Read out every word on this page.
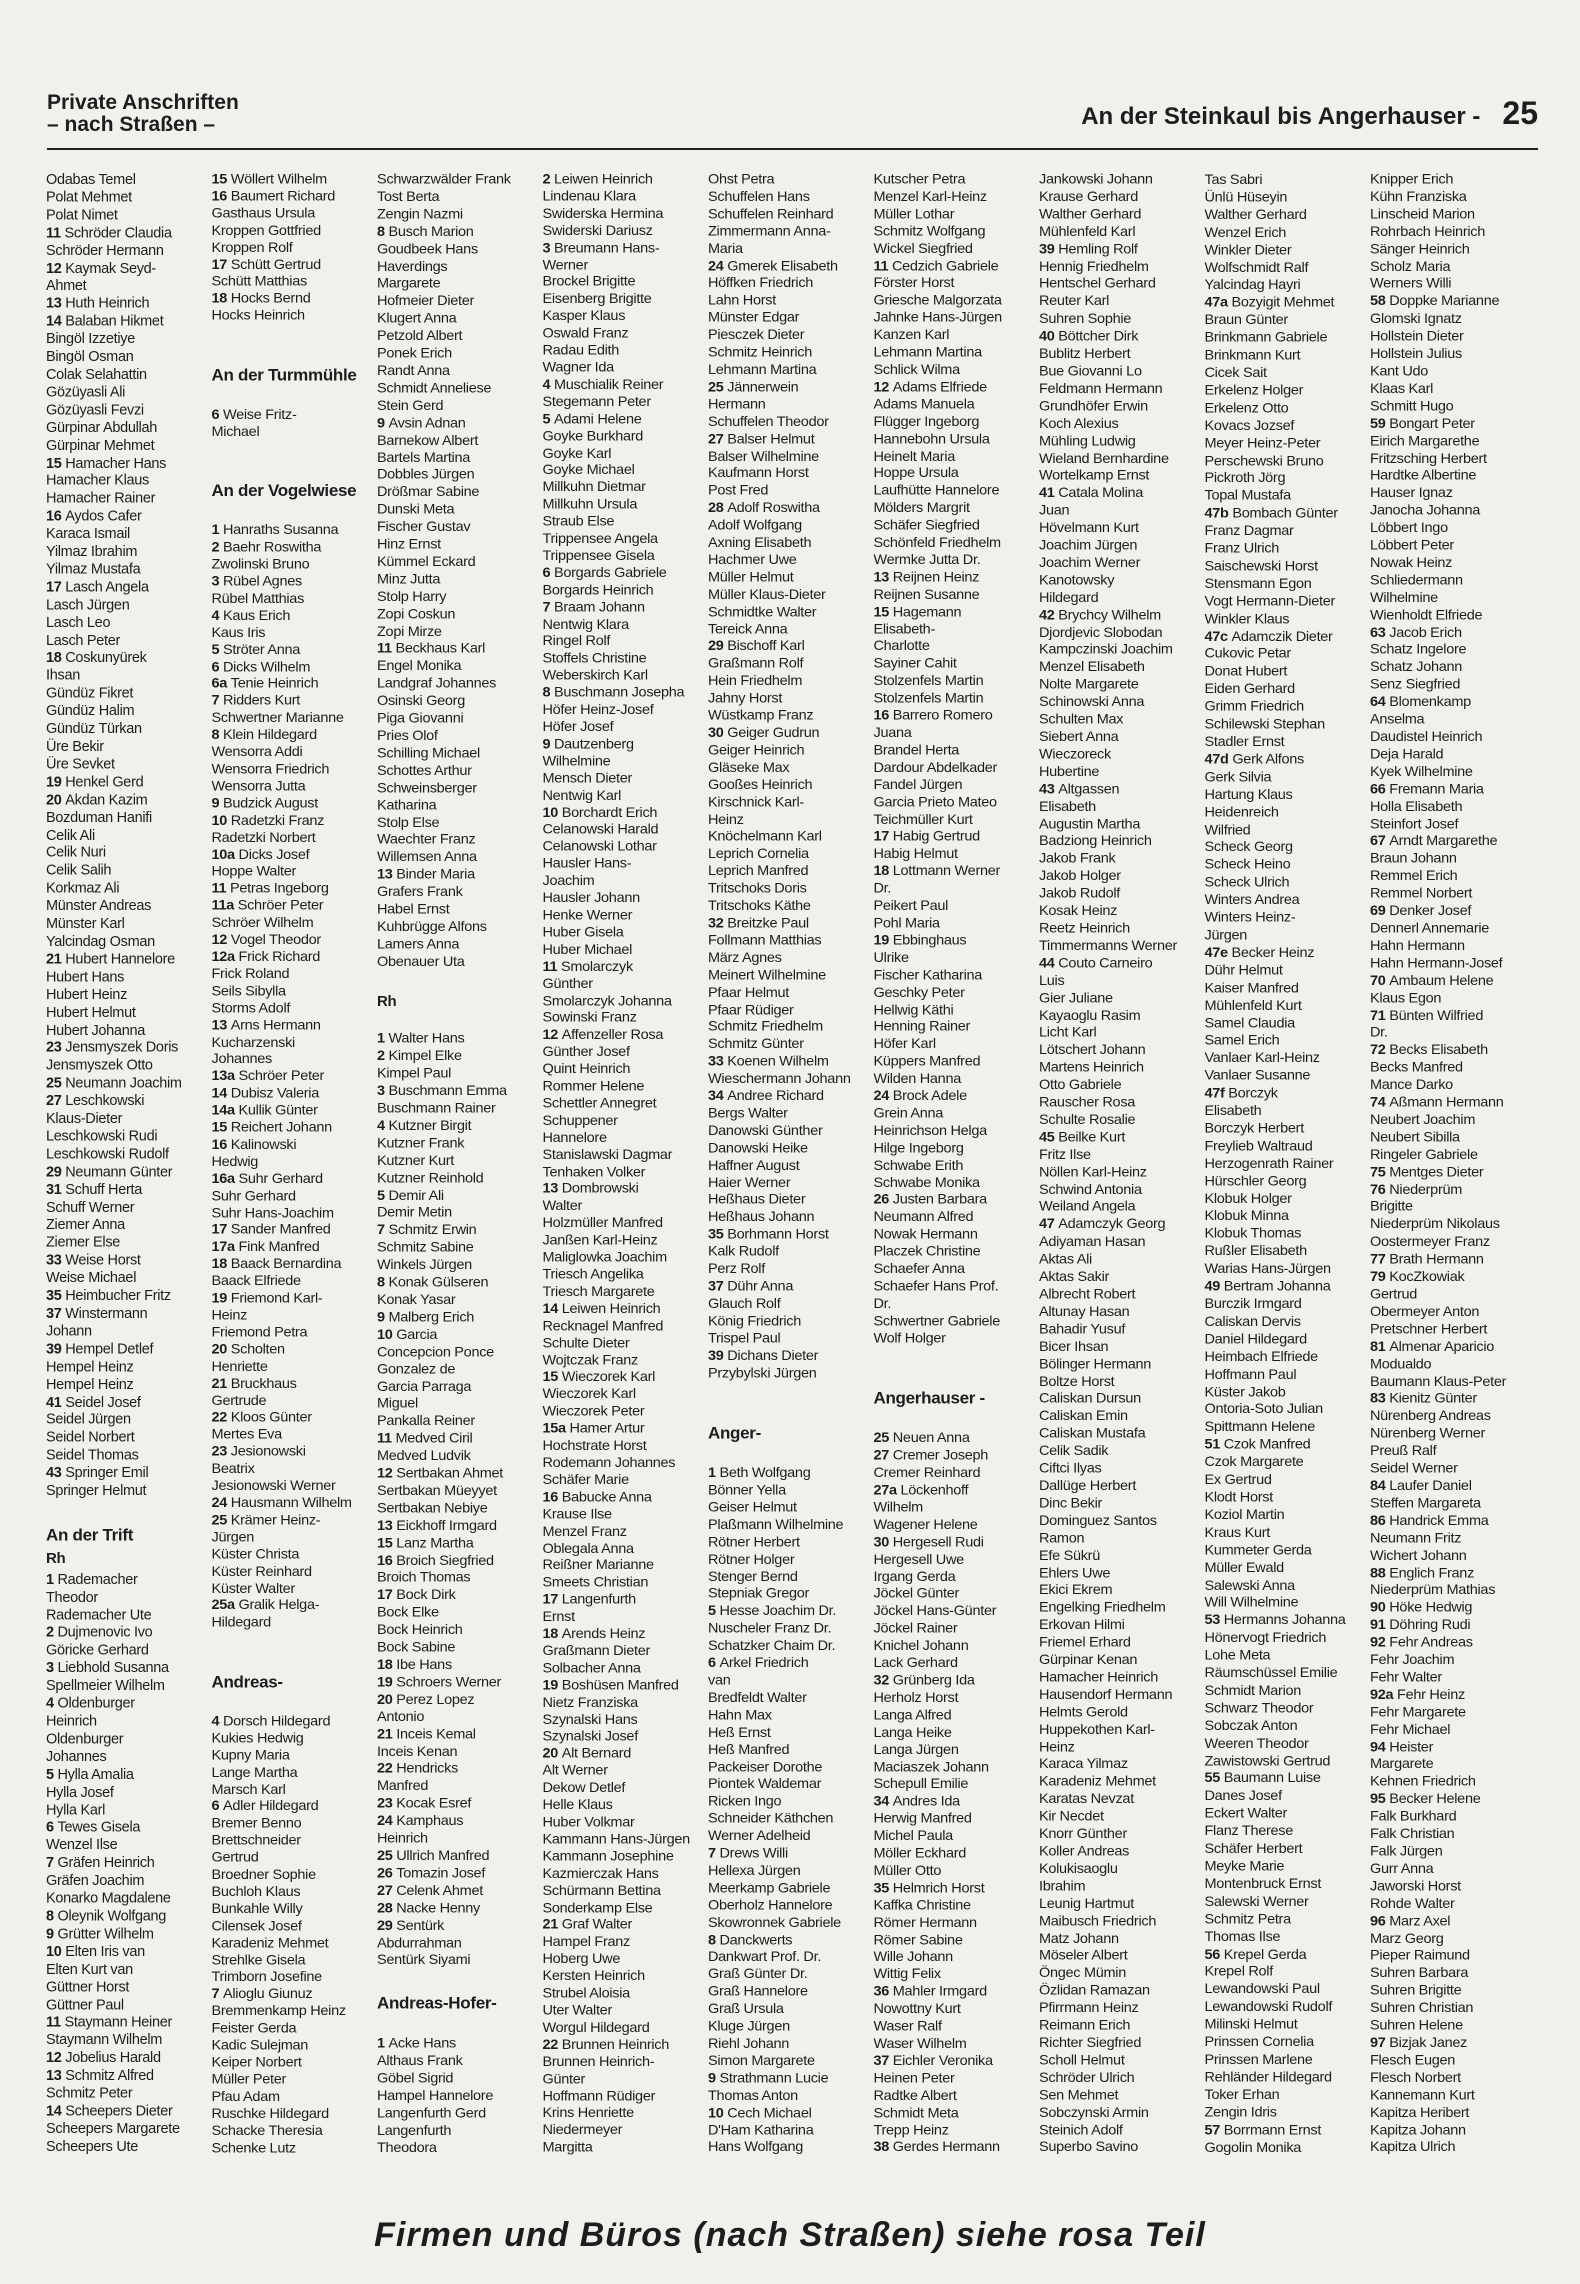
Private Anschriften
– nach Straßen –	An der Steinkaul bis Angerhauser - 25
Odabas Temel
Polat Mehmet
Polat Nimet
11 Schröder Claudia
Schröder Hermann
12 Kaymak Seyd-
Ahmet
13 Huth Heinrich
14 Balaban Hikmet
Bingöl Izzetiye
Bingöl Osman
Colak Selahattin
Gözüyasli Ali
Gözüyasli Fevzi
Gürpinar Abdullah
Gürpinar Mehmet
15 Hamacher Hans
Hamacher Klaus
Hamacher Rainer
16 Aydos Cafer
Karaca Ismail
Yilmaz Ibrahim
Yilmaz Mustafa
17 Lasch Angela
Lasch Jürgen
Lasch Leo
Lasch Peter
18 Coskunyürek
Ihsan
Gündüz Fikret
Gündüz Halim
Gündüz Türkan
Üre Bekir
Üre Sevket
19 Henkel Gerd
20 Akdan Kazim
Bozduman Hanifi
Celik Ali
Celik Nuri
Celik Salih
Korkmaz Ali
Münster Andreas
Münster Karl
Yalcindag Osman
21 Hubert Hannelore
Hubert Hans
Hubert Heinz
Hubert Helmut
Hubert Johanna
23 Jensmyszek Doris
Jensmyszek Otto
25 Neumann Joachim
27 Leschkowski
Klaus-Dieter
Leschkowski Rudi
Leschkowski Rudolf
29 Neumann Günter
31 Schuff Herta
Schuff Werner
Ziemer Anna
Ziemer Else
33 Weise Horst
Weise Michael
35 Heimbucher Fritz
37 Winstermann
Johann
39 Hempel Detlef
Hempel Heinz
Hempel Heinz
41 Seidel Josef
Seidel Jürgen
Seidel Norbert
Seidel Thomas
43 Springer Emil
Springer Helmut
An der Trift
Rh
1 Rademacher
Theodor
Rademacher Ute
2 Dujmenovic Ivo
Göricke Gerhard
3 Liebhold Susanna
Spellmeier Wilhelm
4 Oldenburger
Heinrich
Oldenburger
Johannes
5 Hylla Amalia
Hylla Josef
Hylla Karl
6 Tewes Gisela
Wenzel Ilse
7 Gräfen Heinrich
Gräfen Joachim
Konarko Magdalene
8 Oleynik Wolfgang
9 Grütter Wilhelm
10 Elten Iris van
Elten Kurt van
Güttner Horst
Güttner Paul
11 Staymann Heiner
Staymann Wilhelm
12 Jobelius Harald
13 Schmitz Alfred
Schmitz Peter
14 Scheepers Dieter
Scheepers Margarete
Scheepers Ute
15 Wöllert Wilhelm
16 Baumert Richard
Gasthaus Ursula
Kroppen Gottfried
Kroppen Rolf
17 Schütt Gertrud
Schütt Matthias
18 Hocks Bernd
Hocks Heinrich
An der Turmmühle
6 Weise Fritz-
Michael
An der Vogelwiese
1 Hanraths Susanna
2 Baehr Roswitha
Zwolinski Bruno
3 Rübel Agnes
Rübel Matthias
4 Kaus Erich
Kaus Iris
5 Ströter Anna
6 Dicks Wilhelm
6a Tenie Heinrich
7 Ridders Kurt
Schwertner Marianne
8 Klein Hildegard
Wensorra Addi
Wensorra Friedrich
Wensorra Jutta
9 Budzick August
10 Radetzki Franz
Radetzki Norbert
10a Dicks Josef
Hoppe Walter
11 Petras Ingeborg
11a Schröer Peter
Schröer Wilhelm
12 Vogel Theodor
12a Frick Richard
Frick Roland
Seils Sibylla
Storms Adolf
13 Arns Hermann
Kucharzenski
Johannes
13a Schröer Peter
14 Dubisz Valeria
14a Kullik Günter
15 Reichert Johann
16 Kalinowski
Hedwig
16a Suhr Gerhard
Suhr Gerhard
Suhr Hans-Joachim
17 Sander Manfred
17a Fink Manfred
18 Baack Bernardina
Baack Elfriede
19 Friemond Karl-
Heinz
Friemond Petra
20 Scholten
Henriette
21 Bruckhaus
Gertrude
22 Kloos Günter
Mertes Eva
23 Jesionowski
Beatrix
Jesionowski Werner
24 Hausmann Wilhelm
25 Krämer Heinz-
Jürgen
Küster Christa
Küster Reinhard
Küster Walter
25a Gralik Helga-
Hildegard
Andreas-
4 Dorsch Hildegard
Kukies Hedwig
Kupny Maria
Lange Martha
Marsch Karl
6 Adler Hildegard
Bremer Benno
Brettschneider
Gertrud
Broedner Sophie
Buchloh Klaus
Bunkahle Willy
Cilensek Josef
Karadeniz Mehmet
Strehlke Gisela
Trimborn Josefine
7 Alioglu Giunuz
Bremmenkamp Heinz
Feister Gerda
Kadic Sulejman
Keiper Norbert
Müller Peter
Pfau Adam
Ruschke Hildegard
Schacke Theresia
Schenke Lutz
Schwarzwälder Frank
Tost Berta
Zengin Nazmi
8 Busch Marion
Goudbeek Hans
Haverdings
Margarete
Hofmeier Dieter
Klugert Anna
Petzold Albert
Ponek Erich
Randt Anna
Schmidt Anneliese
Stein Gerd
9 Avsin Adnan
Barnekow Albert
Bartels Martina
Dobbles Jürgen
Drößmar Sabine
Dunski Meta
Fischer Gustav
Hinz Ernst
Kümmel Eckard
Minz Jutta
Stolp Harry
Zopi Coskun
Zopi Mirze
11 Beckhaus Karl
Engel Monika
Landgraf Johannes
Osinski Georg
Piga Giovanni
Pries Olof
Schilling Michael
Schottes Arthur
Schweinsberger
Katharina
Stolp Else
Waechter Franz
Willemsen Anna
13 Binder Maria
Grafers Frank
Habel Ernst
Kuhbrügge Alfons
Lamers Anna
Obenauer Uta
Rh
1 Walter Hans
2 Kimpel Elke
Kimpel Paul
3 Buschmann Emma
Buschmann Rainer
4 Kutzner Birgit
Kutzner Frank
Kutzner Kurt
Kutzner Reinhold
5 Demir Ali
Demir Metin
7 Schmitz Erwin
Schmitz Sabine
Winkels Jürgen
8 Konak Gülseren
Konak Yasar
9 Malberg Erich
10 Garcia
Concepcion Ponce
Gonzalez de
Garcia Parraga
Miguel
Pankalla Reiner
11 Medved Ciril
Medved Ludvik
12 Sertbakan Ahmet
Sertbakan Müeyyet
Sertbakan Nebiye
13 Eickhoff Irmgard
15 Lanz Martha
16 Broich Siegfried
Broich Thomas
17 Bock Dirk
Bock Elke
Bock Heinrich
Bock Sabine
18 Ibe Hans
19 Schroers Werner
20 Perez Lopez
Antonio
21 Inceis Kemal
Inceis Kenan
22 Hendricks
Manfred
23 Kocak Esref
24 Kamphaus
Heinrich
25 Ullrich Manfred
26 Tomazin Josef
27 Celenk Ahmet
28 Nacke Henny
29 Sentürk
Abdurrahman
Sentürk Siyami
Andreas-Hofer-
1 Acke Hans
Althaus Frank
Göbel Sigrid
Hampel Hannelore
Langenfurth Gerd
Langenfurth
Theodora
2 Leiwen Heinrich
Lindenau Klara
Swiderska Hermina
Swiderski Dariusz
3 Breumann Hans-
Werner
Brockel Brigitte
Eisenberg Brigitte
Kasper Klaus
Oswald Franz
Radau Edith
Wagner Ida
4 Muschialik Reiner
Stegemann Peter
5 Adami Helene
Goyke Burkhard
Goyke Karl
Goyke Michael
Millkuhn Dietmar
Millkuhn Ursula
Straub Else
Trippensee Angela
Trippensee Gisela
6 Borgards Gabriele
Borgards Heinrich
7 Braam Johann
Nentwig Klara
Ringel Rolf
Stoffels Christine
Weberskirch Karl
8 Buschmann Josepha
Höfer Heinz-Josef
Höfer Josef
9 Dautzenberg
Wilhelmine
Mensch Dieter
Nentwig Karl
10 Borchardt Erich
Celanowski Harald
Celanowski Lothar
Hausler Hans-
Joachim
Hausler Johann
Henke Werner
Huber Gisela
Huber Michael
11 Smolarczyk
Günther
Smolarczyk Johanna
Sowinski Franz
12 Affenzeller Rosa
Günther Josef
Quint Heinrich
Rommer Helene
Schettler Annegret
Schuppener
Hannelore
Stanislawski Dagmar
Tenhaken Volker
13 Dombrowski
Walter
Holzmüller Manfred
Janßen Karl-Heinz
Maliglowka Joachim
Triesch Angelika
Triesch Margarete
14 Leiwen Heinrich
Recknagel Manfred
Schulte Dieter
Wojtczak Franz
15 Wieczorek Karl
Wieczorek Karl
Wieczorek Peter
15a Hamer Artur
Hochstrate Horst
Rodemann Johannes
Schäfer Marie
16 Babucke Anna
Krause Ilse
Menzel Franz
Oblegala Anna
Reißner Marianne
Smeets Christian
17 Langenfurth
Ernst
18 Arends Heinz
Graßmann Dieter
Solbacher Anna
19 Boshüsen Manfred
Nietz Franziska
Szynalski Hans
Szynalski Josef
20 Alt Bernard
Alt Werner
Dekow Detlef
Helle Klaus
Huber Volkmar
Kammann Hans-Jürgen
Kammann Josephine
Kazmierczak Hans
Schürmann Bettina
Sonderkamp Else
21 Graf Walter
Hampel Franz
Hoberg Uwe
Kersten Heinrich
Strubel Aloisia
Uter Walter
Worgul Hildegard
22 Brunnen Heinrich
Brunnen Heinrich-
Günter
Hoffmann Rüdiger
Krins Henriette
Niedermeyer
Margitta
Ohst Petra
Schuffelen Hans
Schuffelen Reinhard
Zimmermann Anna-
Maria
24 Gmerek Elisabeth
Höffken Friedrich
Lahn Horst
Münster Edgar
Piesczek Dieter
Schmitz Heinrich
Lehmann Martina
25 Jännerwein
Hermann
Schuffelen Theodor
27 Balser Helmut
Balser Wilhelmine
Kaufmann Horst
Post Fred
28 Adolf Roswitha
Adolf Wolfgang
Axning Elisabeth
Hachmer Uwe
Müller Helmut
Müller Klaus-Dieter
Schmidtke Walter
Tereick Anna
29 Bischoff Karl
Graßmann Rolf
Hein Friedhelm
Jahny Horst
Wüstkamp Franz
30 Geiger Gudrun
Geiger Heinrich
Gläseke Max
Gooßes Heinrich
Kirschnick Karl-
Heinz
Knöchelmann Karl
Leprich Cornelia
Leprich Manfred
Tritschoks Doris
Tritschoks Käthe
32 Breitzke Paul
Follmann Matthias
März Agnes
Meinert Wilhelmine
Pfaar Helmut
Pfaar Rüdiger
Schmitz Friedhelm
Schmitz Günter
33 Koenen Wilhelm
Wieschermann Johann
34 Andree Richard
Bergs Walter
Danowski Günther
Danowski Heike
Haffner August
Haier Werner
Heßhaus Dieter
Heßhaus Johann
35 Borhmann Horst
Kalk Rudolf
Perz Rolf
37 Dühr Anna
Glauch Rolf
König Friedrich
Trispel Paul
39 Dichans Dieter
Przybylski Jürgen
Anger-
1 Beth Wolfgang
Bönner Yella
Geiser Helmut
Plaßmann Wilhelmine
Rötner Herbert
Rötner Holger
Stenger Bernd
Stepniak Gregor
5 Hesse Joachim Dr.
Nuscheler Franz Dr.
Schatzker Chaim Dr.
6 Arkel Friedrich
van
Bredfeldt Walter
Hahn Max
Heß Ernst
Heß Manfred
Packeiser Dorothe
Piontek Waldemar
Ricken Ingo
Schneider Käthchen
Werner Adelheid
7 Drews Willi
Hellexa Jürgen
Meerkamp Gabriele
Oberholz Hannelore
Skowronnek Gabriele
8 Danckwerts
Dankwart Prof. Dr.
Graß Günter Dr.
Graß Hannelore
Graß Ursula
Kluge Jürgen
Riehl Johann
Simon Margarete
9 Strathmann Lucie
Thomas Anton
10 Cech Michael
D'Ham Katharina
Hans Wolfgang
Kutscher Petra
Menzel Karl-Heinz
Müller Lothar
Schmitz Wolfgang
Wickel Siegfried
11 Cedzich Gabriele
Förster Horst
Griesche Malgorzata
Jahnke Hans-Jürgen
Kanzen Karl
Lehmann Martina
Schlick Wilma
12 Adams Elfriede
Adams Manuela
Flügger Ingeborg
Hannebohn Ursula
Heinelt Maria
Hoppe Ursula
Laufhütte Hannelore
Mölders Margrit
Schäfer Siegfried
Schönfeld Friedhelm
Wermke Jutta Dr.
13 Reijnen Heinz
Reijnen Susanne
15 Hagemann
Elisabeth-
Charlotte
Sayiner Cahit
Stolzenfels Martin
Stolzenfels Martin
16 Barrero Romero
Juana
Brandel Herta
Dardour Abdelkader
Fandel Jürgen
Garcia Prieto Mateo
Teichmüller Kurt
17 Habig Gertrud
Habig Helmut
18 Lottmann Werner
Dr.
Peikert Paul
Pohl Maria
19 Ebbinghaus
Ulrike
Fischer Katharina
Geschky Peter
Hellwig Käthi
Henning Rainer
Höfer Karl
Küppers Manfred
Wilden Hanna
24 Brock Adele
Grein Anna
Heinrichson Helga
Hilge Ingeborg
Schwabe Erith
Schwabe Monika
26 Justen Barbara
Neumann Alfred
Nowak Hermann
Placzek Christine
Schaefer Anna
Schaefer Hans Prof.
Dr.
Schwertner Gabriele
Wolf Holger
Angerhauser -
25 Neuen Anna
27 Cremer Joseph
Cremer Reinhard
27a Löckenhoff
Wilhelm
Wagener Helene
30 Hergesell Rudi
Hergesell Uwe
Irgang Gerda
Jöckel Günter
Jöckel Hans-Günter
Jöckel Rainer
Knichel Johann
Lack Gerhard
32 Grünberg Ida
Herholz Horst
Langa Alfred
Langa Heike
Langa Jürgen
Maciaszek Johann
Schepull Emilie
34 Andres Ida
Herwig Manfred
Michel Paula
Möller Eckhard
Müller Otto
35 Helmrich Horst
Kaffka Christine
Römer Hermann
Römer Sabine
Wille Johann
Wittig Felix
36 Mahler Irmgard
Nowottny Kurt
Waser Ralf
Waser Wilhelm
37 Eichler Veronika
Heinen Peter
Radtke Albert
Schmidt Meta
Trepp Heinz
38 Gerdes Hermann
Jankowski Johann
Krause Gerhard
Walther Gerhard
Mühlenfeld Karl
39 Hemling Rolf
Hennig Friedhelm
Hentschel Gerhard
Reuter Karl
Suhren Sophie
40 Böttcher Dirk
Bublitz Herbert
Bue Giovanni Lo
Feldmann Hermann
Grundhöfer Erwin
Koch Alexius
Mühling Ludwig
Wieland Bernhardine
Wortelkamp Ernst
41 Catala Molina
Juan
Hövelmann Kurt
Joachim Jürgen
Joachim Werner
Kanotowsky
Hildegard
42 Brychcy Wilhelm
Djordjevic Slobodan
Kampczinski Joachim
Menzel Elisabeth
Nolte Margarete
Schinowski Anna
Schulten Max
Siebert Anna
Wieczoreck
Hubertine
43 Altgassen
Elisabeth
Augustin Martha
Badziong Heinrich
Jakob Frank
Jakob Holger
Jakob Rudolf
Kosak Heinz
Reetz Heinrich
Timmermanns Werner
44 Couto Carneiro
Luis
Gier Juliane
Kayaoglu Rasim
Licht Karl
Lötschert Johann
Martens Heinrich
Otto Gabriele
Rauscher Rosa
Schulte Rosalie
45 Beilke Kurt
Fritz Ilse
Nöllen Karl-Heinz
Schwind Antonia
Weiland Angela
47 Adamczyk Georg
Adiyaman Hasan
Aktas Ali
Aktas Sakir
Albrecht Robert
Altunay Hasan
Bahadir Yusuf
Bicer Ihsan
Bölinger Hermann
Boltze Horst
Caliskan Dursun
Caliskan Emin
Caliskan Mustafa
Celik Sadik
Ciftci Ilyas
Dallüge Herbert
Dinc Bekir
Dominguez Santos
Ramon
Efe Sükrü
Ehlers Uwe
Ekici Ekrem
Engelking Friedhelm
Erkovan Hilmi
Friemel Erhard
Gürpinar Kenan
Hamacher Heinrich
Hausendorf Hermann
Helmts Gerold
Huppekothen Karl-
Heinz
Karaca Yilmaz
Karadeniz Mehmet
Karatas Nevzat
Kir Necdet
Knorr Günther
Koller Andreas
Kolukisaoglu
Ibrahim
Leunig Hartmut
Maibusch Friedrich
Matz Johann
Möseler Albert
Öngec Mümin
Özlidan Ramazan
Pfirrmann Heinz
Reimann Erich
Richter Siegfried
Scholl Helmut
Schröder Ulrich
Sen Mehmet
Sobczynski Armin
Steinich Adolf
Superbo Savino
Tas Sabri
Ünlü Hüseyin
Walther Gerhard
Wenzel Erich
Winkler Dieter
Wolfschmidt Ralf
Yalcindag Hayri
47a Bozyigit Mehmet
Braun Günter
Brinkmann Gabriele
Brinkmann Kurt
Cicek Sait
Erkelenz Holger
Erkelenz Otto
Kovacs Jozsef
Meyer Heinz-Peter
Perschewski Bruno
Pickroth Jörg
Topal Mustafa
47b Bombach Günter
Franz Dagmar
Franz Ulrich
Saischewski Horst
Stensmann Egon
Vogt Hermann-Dieter
Winkler Klaus
47c Adamczik Dieter
Cukovic Petar
Donat Hubert
Eiden Gerhard
Grimm Friedrich
Schilewski Stephan
Stadler Ernst
47d Gerk Alfons
Gerk Silvia
Hartung Klaus
Heidenreich
Wilfried
Scheck Georg
Scheck Heino
Scheck Ulrich
Winters Andrea
Winters Heinz-
Jürgen
47e Becker Heinz
Dühr Helmut
Kaiser Manfred
Mühlenfeld Kurt
Samel Claudia
Samel Erich
Vanlaer Karl-Heinz
Vanlaer Susanne
47f Borczyk
Elisabeth
Borczyk Herbert
Freylieb Waltraud
Herzogenrath Rainer
Hürschler Georg
Klobuk Holger
Klobuk Minna
Klobuk Thomas
Rußler Elisabeth
Warias Hans-Jürgen
49 Bertram Johanna
Burczik Irmgard
Caliskan Dervis
Daniel Hildegard
Heimbach Elfriede
Hoffmann Paul
Küster Jakob
Ontoria-Soto Julian
Spittmann Helene
51 Czok Manfred
Czok Margarete
Ex Gertrud
Klodt Horst
Koziol Martin
Kraus Kurt
Kummeter Gerda
Müller Ewald
Salewski Anna
Will Wilhelmine
53 Hermanns Johanna
Hönervogt Friedrich
Lohe Meta
Räumschüssel Emilie
Schmidt Marion
Schwarz Theodor
Sobczak Anton
Weeren Theodor
Zawistowski Gertrud
55 Baumann Luise
Danes Josef
Eckert Walter
Flanz Therese
Schäfer Herbert
Meyke Marie
Montenbruck Ernst
Salewski Werner
Schmitz Petra
Thomas Ilse
56 Krepel Gerda
Krepel Rolf
Lewandowski Paul
Lewandowski Rudolf
Milinski Helmut
Prinssen Cornelia
Prinssen Marlene
Rehländer Hildegard
Toker Erhan
Zengin Idris
57 Borrmann Ernst
Gogolin Monika
Knipper Erich
Kühn Franziska
Linscheid Marion
Rohrbach Heinrich
Sänger Heinrich
Scholz Maria
Werners Willi
58 Doppke Marianne
Glomski Ignatz
Hollstein Dieter
Hollstein Julius
Kant Udo
Klaas Karl
Schmitt Hugo
59 Bongart Peter
Eirich Margarethe
Fritzsching Herbert
Hardtke Albertine
Hauser Ignaz
Janocha Johanna
Löbbert Ingo
Löbbert Peter
Nowak Heinz
Schliedermann
Wilhelmine
Wienholdt Elfriede
63 Jacob Erich
Schatz Ingelore
Schatz Johann
Senz Siegfried
64 Blomenkamp
Anselma
Daudistel Heinrich
Deja Harald
Kyek Wilhelmine
66 Fremann Maria
Holla Elisabeth
Steinfort Josef
67 Arndt Margarethe
Braun Johann
Remmel Erich
Remmel Norbert
69 Denker Josef
Dennerl Annemarie
Hahn Hermann
Hahn Hermann-Josef
70 Ambaum Helene
Klaus Egon
71 Bünten Wilfried
Dr.
72 Becks Elisabeth
Becks Manfred
Mance Darko
74 Aßmann Hermann
Neubert Joachim
Neubert Sibilla
Ringeler Gabriele
75 Mentges Dieter
76 Niederprüm
Brigitte
Niederprüm Nikolaus
Oostermeyer Franz
77 Brath Hermann
79 KocZkowiak
Gertrud
Obermeyer Anton
Pretschner Herbert
81 Almenar Aparicio
Modualdo
Baumann Klaus-Peter
83 Kienitz Günter
Nürenberg Andreas
Nürenberg Werner
Preuß Ralf
Seidel Werner
84 Laufer Daniel
Steffen Margareta
86 Handrick Emma
Neumann Fritz
Wichert Johann
88 Englich Franz
Niederprüm Mathias
90 Höke Hedwig
91 Döhring Rudi
92 Fehr Andreas
Fehr Joachim
Fehr Walter
92a Fehr Heinz
Fehr Margarete
Fehr Michael
94 Heister
Margarete
Kehnen Friedrich
95 Becker Helene
Falk Burkhard
Falk Christian
Falk Jürgen
Gurr Anna
Jaworski Horst
Rohde Walter
96 Marz Axel
Marz Georg
Pieper Raimund
Suhren Barbara
Suhren Brigitte
Suhren Christian
Suhren Helene
97 Bizjak Janez
Flesch Eugen
Flesch Norbert
Kannemann Kurt
Kapitza Heribert
Kapitza Johann
Kapitza Ulrich
Firmen und Büros (nach Straßen) siehe rosa Teil
